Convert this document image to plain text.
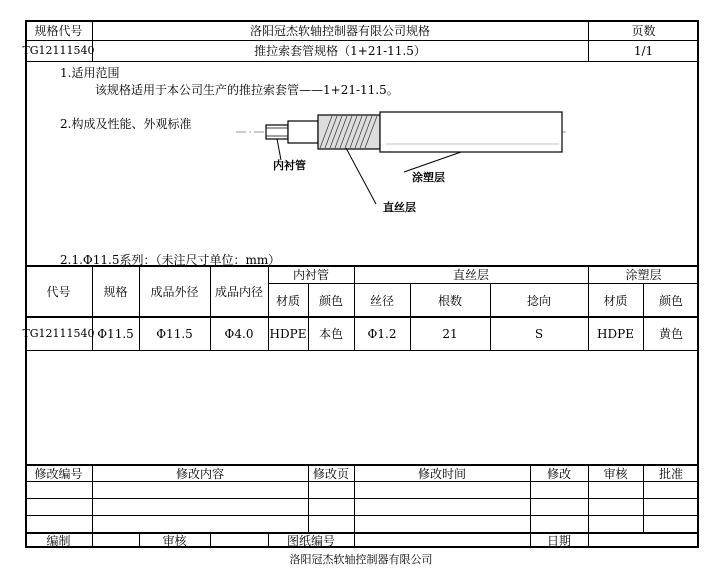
规格代号	洛阳冠杰软轴控制器有限公司规格	页数
TG12111540	推拉索套管规格（1+21-11.5）	1/1
1.适用范围
该规格适用于本公司生产的推拉索套管——1+21-11.5。
2.构成及性能、外观标准
内衬管
涂塑层
直丝层
2.1.Φ11.5系列：（未注尺寸单位：mm）
代号	规格	成品外径	成品内径
内衬管	直丝层	涂塑层
材质	颜色	丝径	根数	捻向	材质	颜色
TG12111540 Φ11.5	Φ11.5	Φ4.0	HDPE	本色	Φ1.2	21	S	HDPE	黄色
修改编号	修改内容	修改页	修改时间	修改	审核	批准
编制	审核	图纸编号	日期
洛阳冠杰软轴控制器有限公司
